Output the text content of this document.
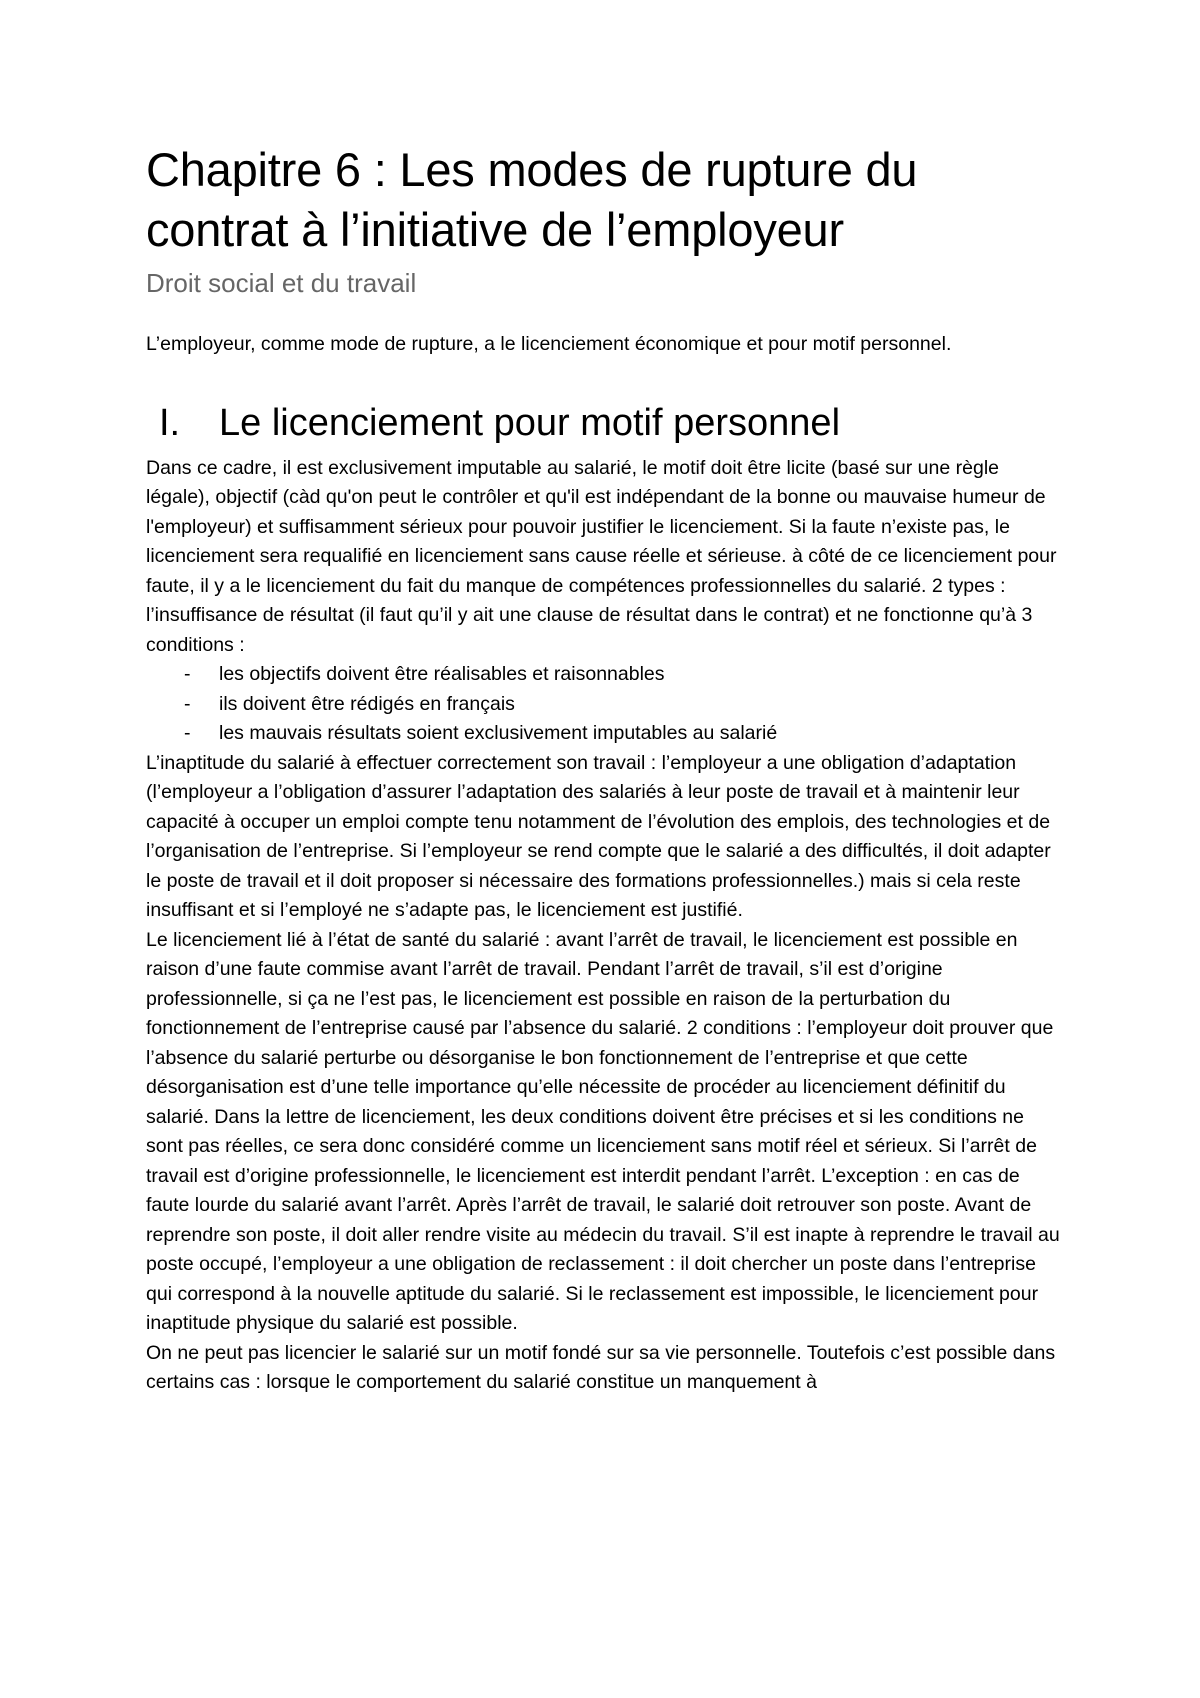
Chapitre 6 : Les modes de rupture du
contrat à l’initiative de l’employeur
Droit social et du travail

L’employeur, comme mode de rupture, a le licenciement économique et pour motif personnel.

I.	Le licenciement pour motif personnel

Dans ce cadre, il est exclusivement imputable au salarié, le motif doit être licite (basé sur une règle légale), objectif (càd qu'on peut le contrôler et qu'il est indépendant de la bonne ou mauvaise humeur de l'employeur) et suffisamment sérieux pour pouvoir justifier le licenciement. Si la faute n’existe pas, le licenciement sera requalifié en licenciement sans cause réelle et sérieuse. à côté de ce licenciement pour faute, il y a le licenciement du fait du manque de compétences professionnelles du salarié. 2 types :

l’insuffisance de résultat (il faut qu’il y ait une clause de résultat dans le contrat) et ne fonctionne qu’à 3 conditions :

-	les objectifs doivent être réalisables et raisonnables
-	ils doivent être rédigés en français
-	les mauvais résultats soient exclusivement imputables au salarié

L’inaptitude du salarié à effectuer correctement son travail : l’employeur a une obligation d’adaptation (l’employeur a l’obligation d’assurer l’adaptation des salariés à leur poste de travail et à maintenir leur capacité à occuper un emploi compte tenu notamment de l’évolution des emplois, des technologies et de l’organisation de l’entreprise. Si l’employeur se rend compte que le salarié a des difficultés, il doit adapter le poste de travail et il doit proposer si nécessaire des formations professionnelles.) mais si cela reste insuffisant et si l’employé ne s’adapte pas, le licenciement est justifié.

Le licenciement lié à l’état de santé du salarié : avant l’arrêt de travail, le licenciement est possible en raison d’une faute commise avant l’arrêt de travail. Pendant l’arrêt de travail, s’il est d’origine professionnelle, si ça ne l’est pas, le licenciement est possible en raison de la perturbation du fonctionnement de l’entreprise causé par l’absence du salarié. 2 conditions : l’employeur doit prouver que l’absence du salarié perturbe ou désorganise le bon fonctionnement de l’entreprise et que cette désorganisation est d’une telle importance qu’elle nécessite de procéder au licenciement définitif du salarié. Dans la lettre de licenciement, les deux conditions doivent être précises et si les conditions ne sont pas réelles, ce sera donc considéré comme un licenciement sans motif réel et sérieux. Si l’arrêt de travail est d’origine professionnelle, le licenciement est interdit pendant l’arrêt. L’exception : en cas de faute lourde du salarié avant l’arrêt. Après l’arrêt de travail, le salarié doit retrouver son poste. Avant de reprendre son poste, il doit aller rendre visite au médecin du travail. S’il est inapte à reprendre le travail au poste occupé, l’employeur a une obligation de reclassement : il doit chercher un poste dans l’entreprise qui correspond à la nouvelle aptitude du salarié. Si le reclassement est impossible, le licenciement pour inaptitude physique du salarié est possible.

On ne peut pas licencier le salarié sur un motif fondé sur sa vie personnelle. Toutefois c’est possible dans certains cas : lorsque le comportement du salarié constitue un manquement à
